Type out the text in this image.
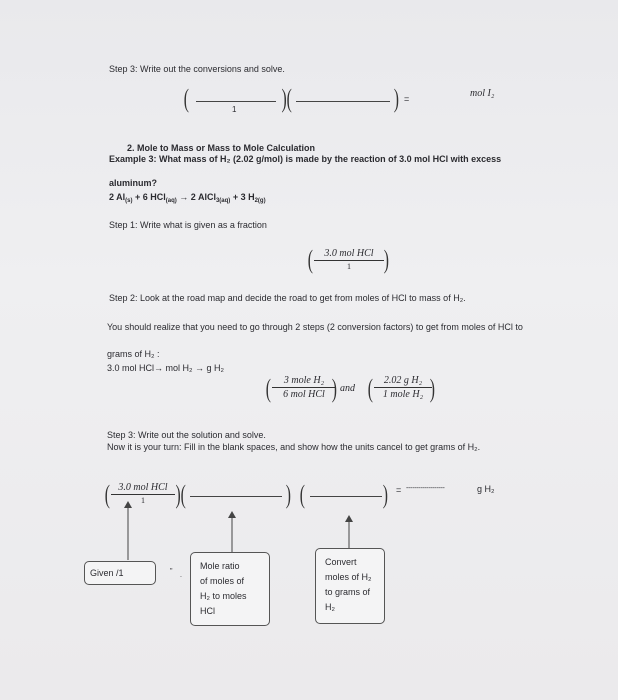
Step 3: Write out the conversions and solve.
(	1 )(	) =	mol I₂
2. Mole to Mass or Mass to Mole Calculation
Example 3: What mass of H₂ (2.02 g/mol) is made by the reaction of 3.0 mol HCl with excess
aluminum?
2 $Al_{(s)} + 6$ HCl$_{(aq)}$ → 2 AlCl$_{3(aq)}$ + 3 $H_{2(g)}$
Step 1: Write what is given as a fraction
(	3.0 mol HCl
1	)
Step 2: Look at the road map and decide the road to get from moles of HCl to mass of H₂.
You should realize that you need to go through 2 steps (2 conversion factors) to get from moles of HCl to
grams of H₂ :
3.0 mol HCl→ mol H₂ → g H₂
(	3 mole H₂
6 mol HCl ) and (	2.02 g H₂
1 mole H₂ )
Step 3: Write out the solution and solve.
Now it is your turn: Fill in the blank spaces, and show how the units cancel to get grams of H₂.
( 3.0 mol HCl
1	)(	) (	) = -------------------	g H₂
Given /1	"
.
Mole ratio
of moles of
H₂ to moles
HCl
Convert
moles of H₂
to grams of
H₂
